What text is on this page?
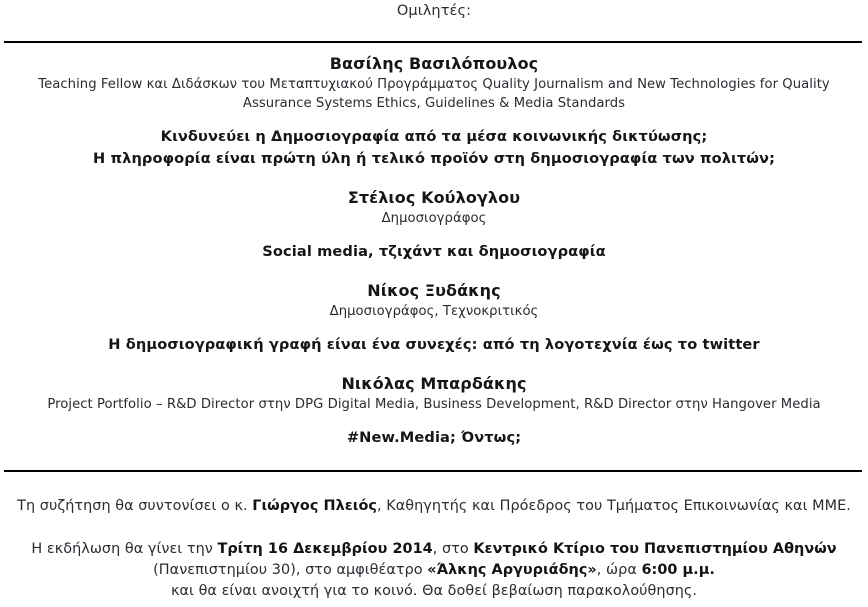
Ομιλητές:
Βασίλης Βασιλόπουλος
Teaching Fellow και Διδάσκων του Μεταπτυχιακού Προγράμματος Quality Journalism and New Technologies for Quality
Assurance Systems Ethics, Guidelines & Media Standards
Κινδυνεύει η Δημοσιογραφία από τα μέσα κοινωνικής δικτύωσης;
Η πληροφορία είναι πρώτη ύλη ή τελικό προϊόν στη δημοσιογραφία των πολιτών;
Στέλιος Κούλογλου
Δημοσιογράφος
Social media, τζιχάντ και δημοσιογραφία
Νίκος Ξυδάκης
Δημοσιογράφος, Τεχνοκριτικός
Η δημοσιογραφική γραφή είναι ένα συνεχές: από τη λογοτεχνία έως το twitter
Νικόλας Μπαρδάκης
Project Portfolio – R&D Director στην DPG Digital Media, Business Development, R&D Director στην Hangover Media
#New.Media; Όντως;
Τη συζήτηση θα συντονίσει ο κ. Γιώργος Πλειός, Καθηγητής και Πρόεδρος του Τμήματος Επικοινωνίας και ΜΜΕ.
Η εκδήλωση θα γίνει την Τρίτη 16 Δεκεμβρίου 2014, στο Κεντρικό Κτίριο του Πανεπιστημίου Αθηνών
(Πανεπιστημίου 30), στο αμφιθέατρο «Άλκης Αργυριάδης», ώρα 6:00 μ.μ.
και θα είναι ανοιχτή για το κοινό. Θα δοθεί βεβαίωση παρακολούθησης.
